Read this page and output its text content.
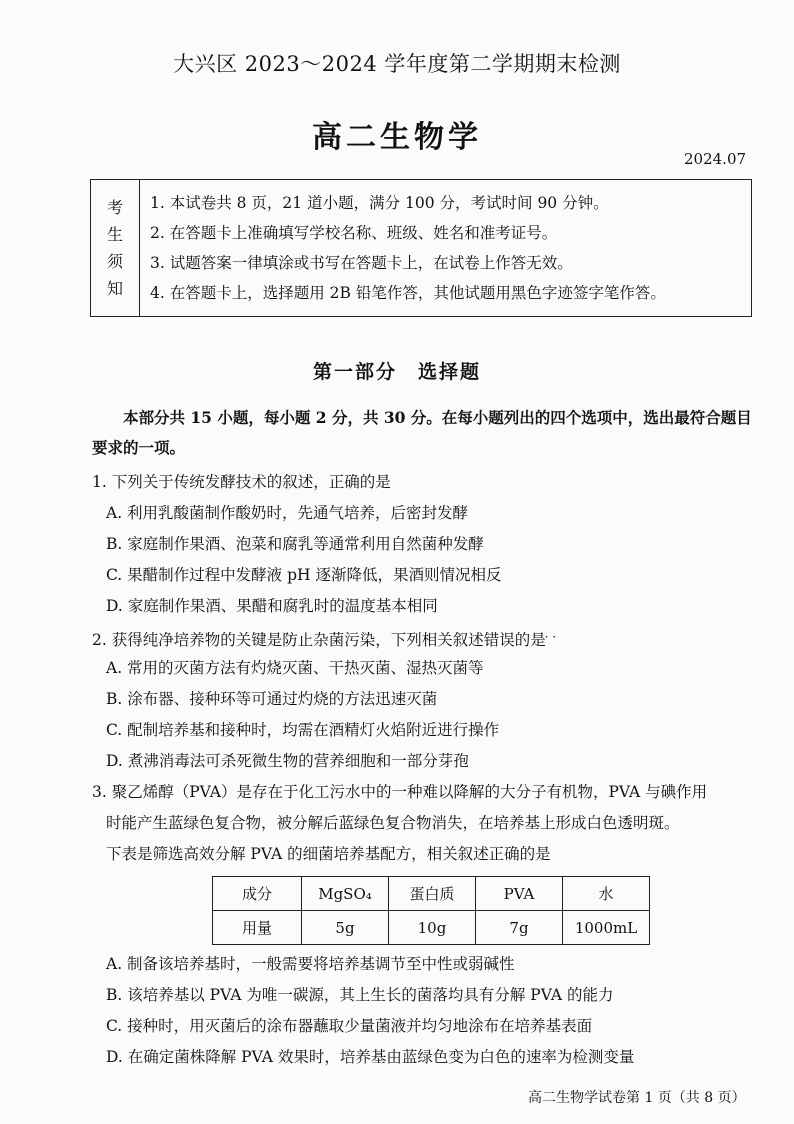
大兴区 2023～2024 学年度第二学期期末检测
高二生物学
2024.07
考
生
须
知
1. 本试卷共 8 页，21 道小题，满分 100 分，考试时间 90 分钟。
2. 在答题卡上准确填写学校名称、班级、姓名和准考证号。
3. 试题答案一律填涂或书写在答题卡上，在试卷上作答无效。
4. 在答题卡上，选择题用 2B 铅笔作答，其他试题用黑色字迹签字笔作答。
第一部分　选择题
本部分共 15 小题，每小题 2 分，共 30 分。在每小题列出的四个选项中，选出最符合题目要求的一项。
1. 下列关于传统发酵技术的叙述，正确的是
A. 利用乳酸菌制作酸奶时，先通气培养，后密封发酵
B. 家庭制作果酒、泡菜和腐乳等通常利用自然菌种发酵
C. 果醋制作过程中发酵液 pH 逐渐降低，果酒则情况相反
D. 家庭制作果酒、果醋和腐乳时的温度基本相同
2. 获得纯净培养物的关键是防止杂菌污染，下列相关叙述错误的是 · ·
A. 常用的灭菌方法有灼烧灭菌、干热灭菌、湿热灭菌等
B. 涂布器、接种环等可通过灼烧的方法迅速灭菌
C. 配制培养基和接种时，均需在酒精灯火焰附近进行操作
D. 煮沸消毒法可杀死微生物的营养细胞和一部分芽孢
3. 聚乙烯醇（PVA）是存在于化工污水中的一种难以降解的大分子有机物，PVA 与碘作用
时能产生蓝绿色复合物，被分解后蓝绿色复合物消失，在培养基上形成白色透明斑。
下表是筛选高效分解 PVA 的细菌培养基配方，相关叙述正确的是
成分	MgSO₄	蛋白质	PVA	水
用量	5g	10g	7g	1000mL
A. 制备该培养基时，一般需要将培养基调节至中性或弱碱性
B. 该培养基以 PVA 为唯一碳源，其上生长的菌落均具有分解 PVA 的能力
C. 接种时，用灭菌后的涂布器蘸取少量菌液并均匀地涂布在培养基表面
D. 在确定菌株降解 PVA 效果时，培养基由蓝绿色变为白色的速率为检测变量
高二生物学试卷第 1 页（共 8 页）
